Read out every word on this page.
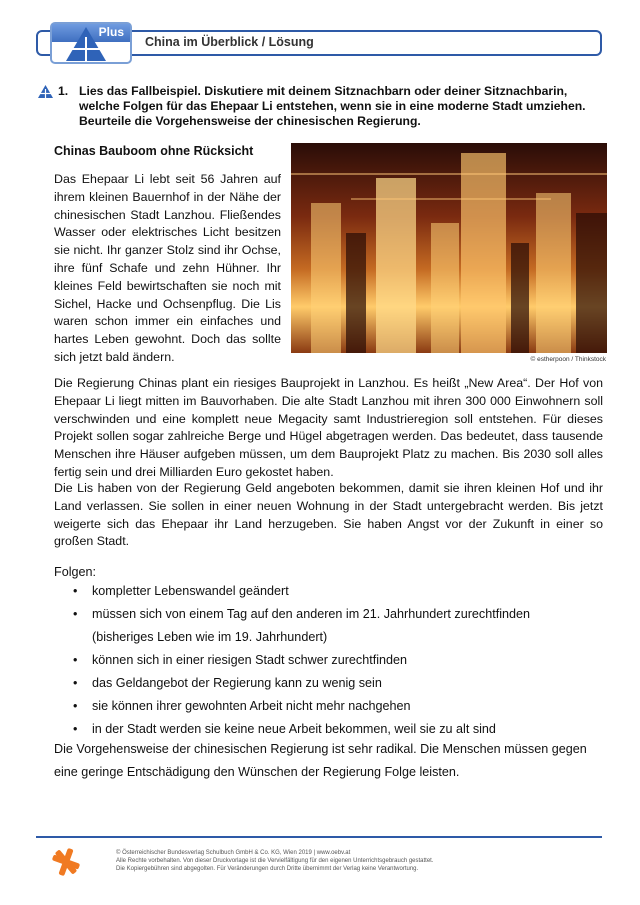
Plus
China im Überblick / Lösung
1. Lies das Fallbeispiel. Diskutiere mit deinem Sitznachbarn oder deiner Sitznachbarin, welche Folgen für das Ehepaar Li entstehen, wenn sie in eine moderne Stadt umziehen. Beurteile die Vorgehensweise der chinesischen Regierung.
Chinas Bauboom ohne Rücksicht
© estherpoon / Thinkstock
Das Ehepaar Li lebt seit 56 Jahren auf ihrem kleinen Bauernhof in der Nähe der chinesischen Stadt Lanzhou. Fließendes Wasser oder elektrisches Licht besitzen sie nicht. Ihr ganzer Stolz sind ihr Ochse, ihre fünf Schafe und zehn Hühner. Ihr kleines Feld bewirtschaften sie noch mit Sichel, Hacke und Ochsenpflug. Die Lis waren schon immer ein einfaches und hartes Leben gewohnt. Doch das sollte sich jetzt bald ändern.
Die Regierung Chinas plant ein riesiges Bauprojekt in Lanzhou. Es heißt „New Area“. Der Hof von Ehepaar Li liegt mitten im Bauvorhaben. Die alte Stadt Lanzhou mit ihren 300 000 Einwohnern soll verschwinden und eine komplett neue Megacity samt Industrieregion soll entstehen. Für dieses Projekt sollen sogar zahlreiche Berge und Hügel abgetragen werden. Das bedeutet, dass tausende Menschen ihre Häuser aufgeben müssen, um dem Bauprojekt Platz zu machen. Bis 2030 soll alles fertig sein und drei Milliarden Euro gekostet haben.
Die Lis haben von der Regierung Geld angeboten bekommen, damit sie ihren kleinen Hof und ihr Land verlassen. Sie sollen in einer neuen Wohnung in der Stadt untergebracht werden. Bis jetzt weigerte sich das Ehepaar ihr Land herzugeben. Sie haben Angst vor der Zukunft in einer so großen Stadt.
Folgen:
• kompletter Lebenswandel geändert
• müssen sich von einem Tag auf den anderen im 21. Jahrhundert zurechtfinden
(bisheriges Leben wie im 19. Jahrhundert)
• können sich in einer riesigen Stadt schwer zurechtfinden
• das Geldangebot der Regierung kann zu wenig sein
• sie können ihrer gewohnten Arbeit nicht mehr nachgehen
• in der Stadt werden sie keine neue Arbeit bekommen, weil sie zu alt sind
Die Vorgehensweise der chinesischen Regierung ist sehr radikal. Die Menschen müssen gegen eine geringe Entschädigung den Wünschen der Regierung Folge leisten.
© Österreichischer Bundesverlag Schulbuch GmbH & Co. KG, Wien 2019 | www.oebv.at
Alle Rechte vorbehalten. Von dieser Druckvorlage ist die Vervielfältigung für den eigenen Unterrichtsgebrauch gestattet.
Die Kopiergebühren sind abgegolten. Für Veränderungen durch Dritte übernimmt der Verlag keine Verantwortung.
